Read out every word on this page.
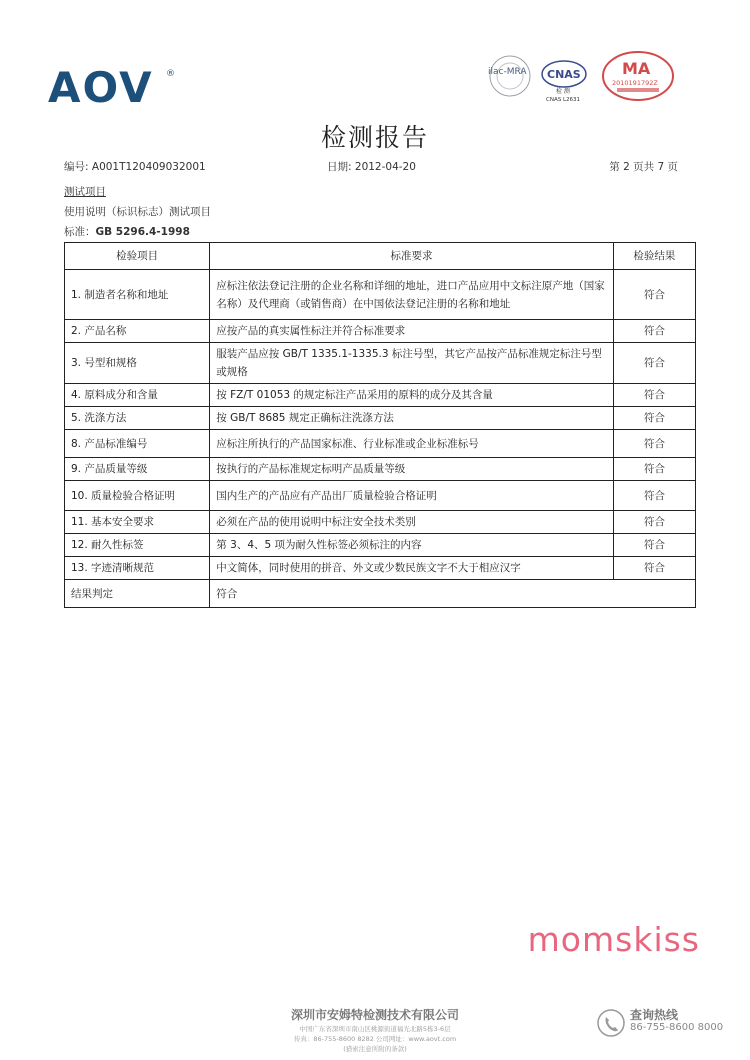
AOV ®	ilac-MRA CNAS
检 测
CNAS L2631
MA
2010191792Z
检测报告
编号: A001T120409032001	日期: 2012-04-20	第 2 页共 7 页
测试项目
使用说明（标识标志）测试项目
标准：GB 5296.4-1998
检验项目	标准要求	检验结果
1. 制造者名称和地址	应标注依法登记注册的企业名称和详细的地址，进口产品应用中文标注原产地（国家名称）及代理商（或销售商）在中国依法登记注册的名称和地址	符合
2. 产品名称	应按产品的真实属性标注并符合标准要求	符合
3. 号型和规格	服装产品应按 GB/T 1335.1-1335.3 标注号型，其它产品按产品标准规定标注号型或规格	符合
4. 原料成分和含量	按 FZ/T 01053 的规定标注产品采用的原料的成分及其含量	符合
5. 洗涤方法	按 GB/T 8685 规定正确标注洗涤方法	符合
8. 产品标准编号	应标注所执行的产品国家标准、行业标准或企业标准标号	符合
9. 产品质量等级	按执行的产品标准规定标明产品质量等级	符合
10. 质量检验合格证明	国内生产的产品应有产品出厂质量检验合格证明	符合
11. 基本安全要求	必须在产品的使用说明中标注安全技术类别	符合
12. 耐久性标签	第 3、4、5 项为耐久性标签必须标注的内容	符合
13. 字迹清晰规范	中文简体，同时使用的拼音、外文或少数民族文字不大于相应汉字	符合
结果判定	符合	
momskiss
深圳市安姆特检测技术有限公司
中国广东省深圳市南山区桃源街道福光北路5栋3-6层
传真：86-755-8600 8282 公司网址：www.aovt.com
(猎索注意所附的条款)
查询热线
86-755-8600 8000
